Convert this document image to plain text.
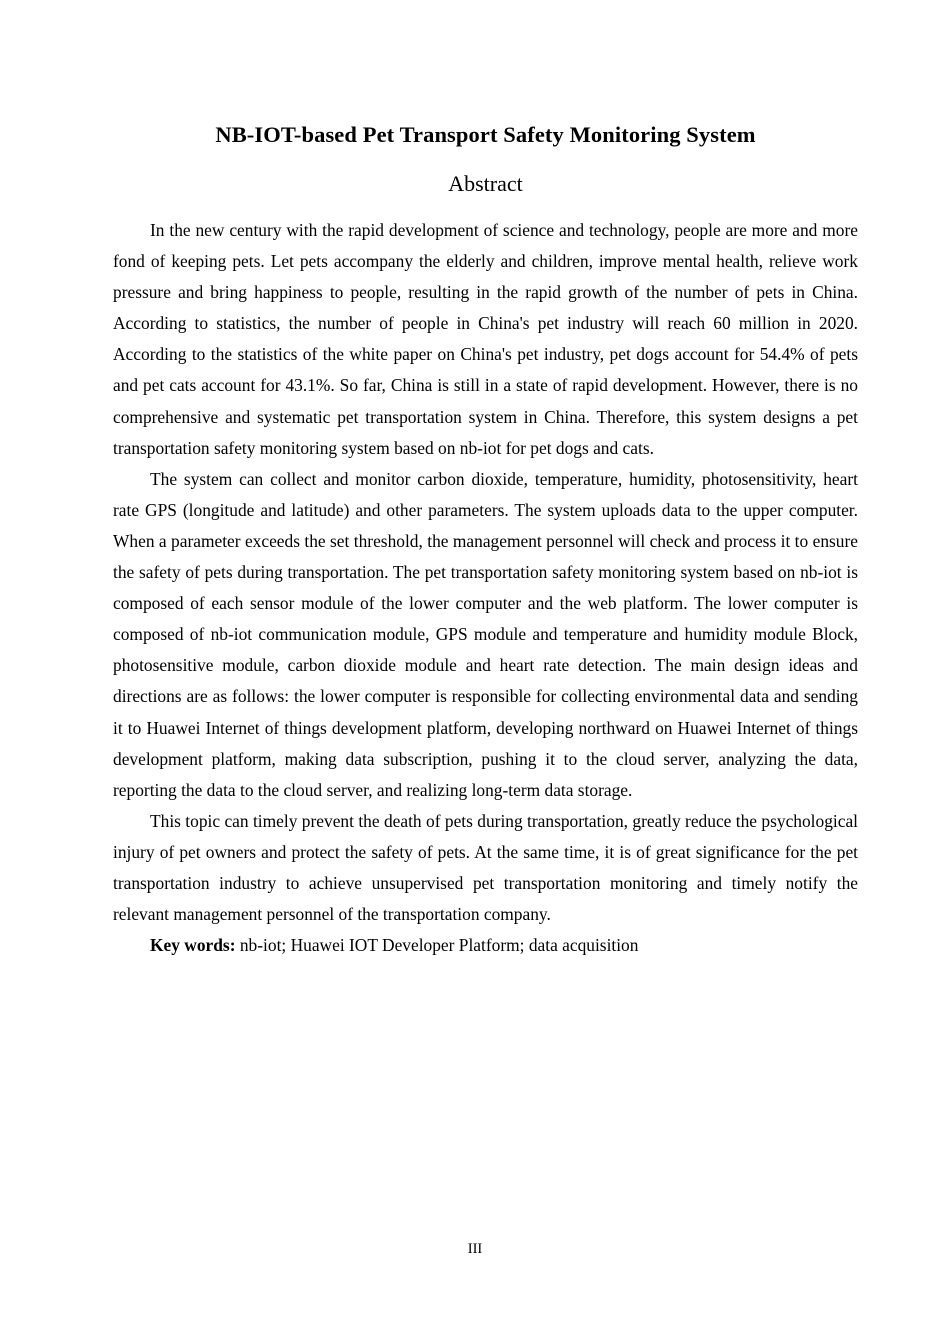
NB-IOT-based Pet Transport Safety Monitoring System
Abstract

In the new century with the rapid development of science and technology, people are more and more fond of keeping pets. Let pets accompany the elderly and children, improve mental health, relieve work pressure and bring happiness to people, resulting in the rapid growth of the number of pets in China. According to statistics, the number of people in China's pet industry will reach 60 million in 2020. According to the statistics of the white paper on China's pet industry, pet dogs account for 54.4% of pets and pet cats account for 43.1%. So far, China is still in a state of rapid development. However, there is no comprehensive and systematic pet transportation system in China. Therefore, this system designs a pet transportation safety monitoring system based on nb-iot for pet dogs and cats.

The system can collect and monitor carbon dioxide, temperature, humidity, photosensitivity, heart rate GPS (longitude and latitude) and other parameters. The system uploads data to the upper computer. When a parameter exceeds the set threshold, the management personnel will check and process it to ensure the safety of pets during transportation. The pet transportation safety monitoring system based on nb-iot is composed of each sensor module of the lower computer and the web platform. The lower computer is composed of nb-iot communication module, GPS module and temperature and humidity module Block, photosensitive module, carbon dioxide module and heart rate detection. The main design ideas and directions are as follows: the lower computer is responsible for collecting environmental data and sending it to Huawei Internet of things development platform, developing northward on Huawei Internet of things development platform, making data subscription, pushing it to the cloud server, analyzing the data, reporting the data to the cloud server, and realizing long-term data storage.

This topic can timely prevent the death of pets during transportation, greatly reduce the psychological injury of pet owners and protect the safety of pets. At the same time, it is of great significance for the pet transportation industry to achieve unsupervised pet transportation monitoring and timely notify the relevant management personnel of the transportation company.

Key words: nb-iot; Huawei IOT Developer Platform; data acquisition

III
